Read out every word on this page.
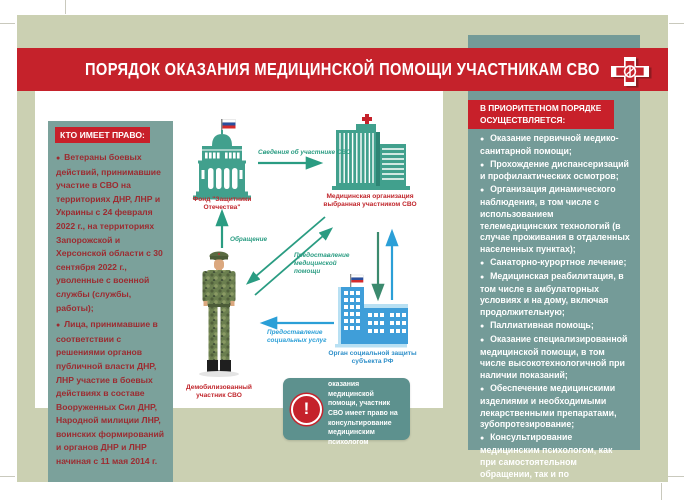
ПОРЯДОК ОКАЗАНИЯ МЕДИЦИНСКОЙ ПОМОЩИ УЧАСТНИКАМ СВО
КТО ИМЕЕТ ПРАВО:
●  Ветераны боевых действий, принимавшие участие в СВО на территориях ДНР, ЛНР и Украины с 24 февраля 2022 г., на территориях Запорожской и Херсонской области с 30 сентября 2022 г., уволенные с военной службы (службы, работы);
●  Лица, принимавшие в соответствии с решениями органов публичной власти ДНР, ЛНР участие в боевых действиях в составе Вооруженных Сил ДНР, Народной милиции ЛНР, воинских формирований и органов ДНР и ЛНР начиная с 11 мая 2014 г.
В ПРИОРИТЕТНОМ ПОРЯДКЕ ОСУЩЕСТВЛЯЕТСЯ:
●   Оказание первичной медико-санитарной помощи;
●   Прохождение диспансеризаций и профилактических осмотров;
●   Организация динамического наблюдения, в том числе с использованием телемедицинских технологий (в случае проживания в отдаленных населенных пунктах);
●   Санаторно-курортное лечение;
●   Медицинская реабилитация, в том числе в амбулаторных условиях и на дому, включая продолжительную;
●   Паллиативная помощь;
●   Оказание специализированной медицинской помощи, в том числе высокотехнологичной при наличии показаний;
●   Обеспечение медицинскими изделиями и необходимыми лекарственными препаратами, зубопротезирование;
●   Консультирование медицинским психологом, как при самостоятельном обращении, так и по направлению лечащего врача
Фонд "Защитники Отечества"
Медицинская организация выбранная участником СВО
Орган социальной защиты субъекта РФ
Демобилизованный участник СВО
Сведения об участнике СВО
Обращение
Предоставление медицинской помощи
Предоставление социальных услуг
!
На всех этапах оказания медицинской помощи, участник СВО имеет право на консультирование медицинским психологом
